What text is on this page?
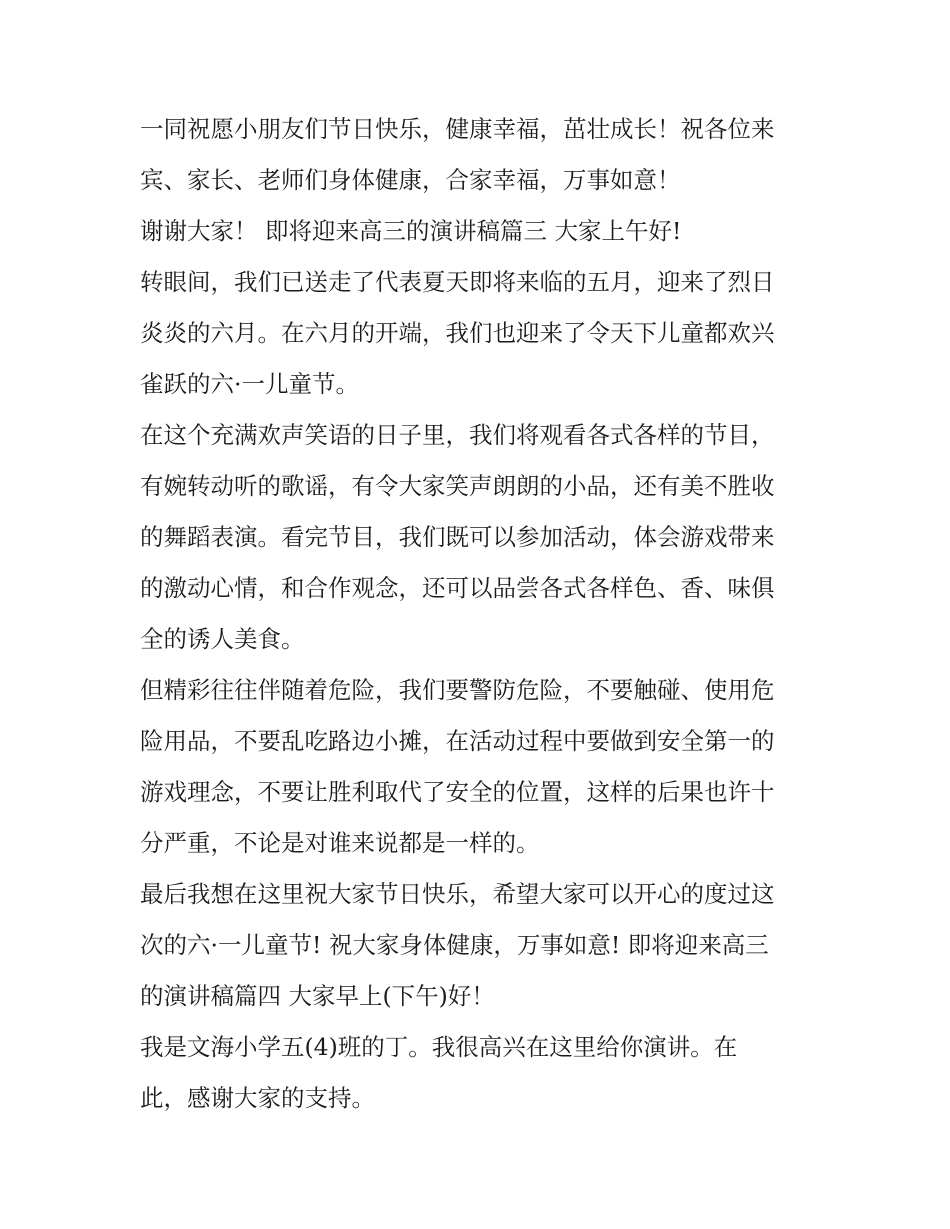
一同祝愿小朋友们节日快乐，健康幸福，茁壮成长！祝各位来
宾、家长、老师们身体健康，合家幸福，万事如意！
谢谢大家！ 即将迎来高三的演讲稿篇三 大家上午好!
转眼间，我们已送走了代表夏天即将来临的五月，迎来了烈日
炎炎的六月。在六月的开端，我们也迎来了令天下儿童都欢兴
雀跃的六·一儿童节。
在这个充满欢声笑语的日子里，我们将观看各式各样的节目，
有婉转动听的歌谣，有令大家笑声朗朗的小品，还有美不胜收
的舞蹈表演。看完节目，我们既可以参加活动，体会游戏带来
的激动心情，和合作观念，还可以品尝各式各样色、香、味俱
全的诱人美食。
但精彩往往伴随着危险，我们要警防危险，不要触碰、使用危
险用品，不要乱吃路边小摊，在活动过程中要做到安全第一的
游戏理念，不要让胜利取代了安全的位置，这样的后果也许十
分严重，不论是对谁来说都是一样的。
最后我想在这里祝大家节日快乐，希望大家可以开心的度过这
次的六·一儿童节! 祝大家身体健康，万事如意! 即将迎来高三
的演讲稿篇四 大家早上(下午)好！
我是文海小学五(4)班的丁。我很高兴在这里给你演讲。在
此，感谢大家的支持。
